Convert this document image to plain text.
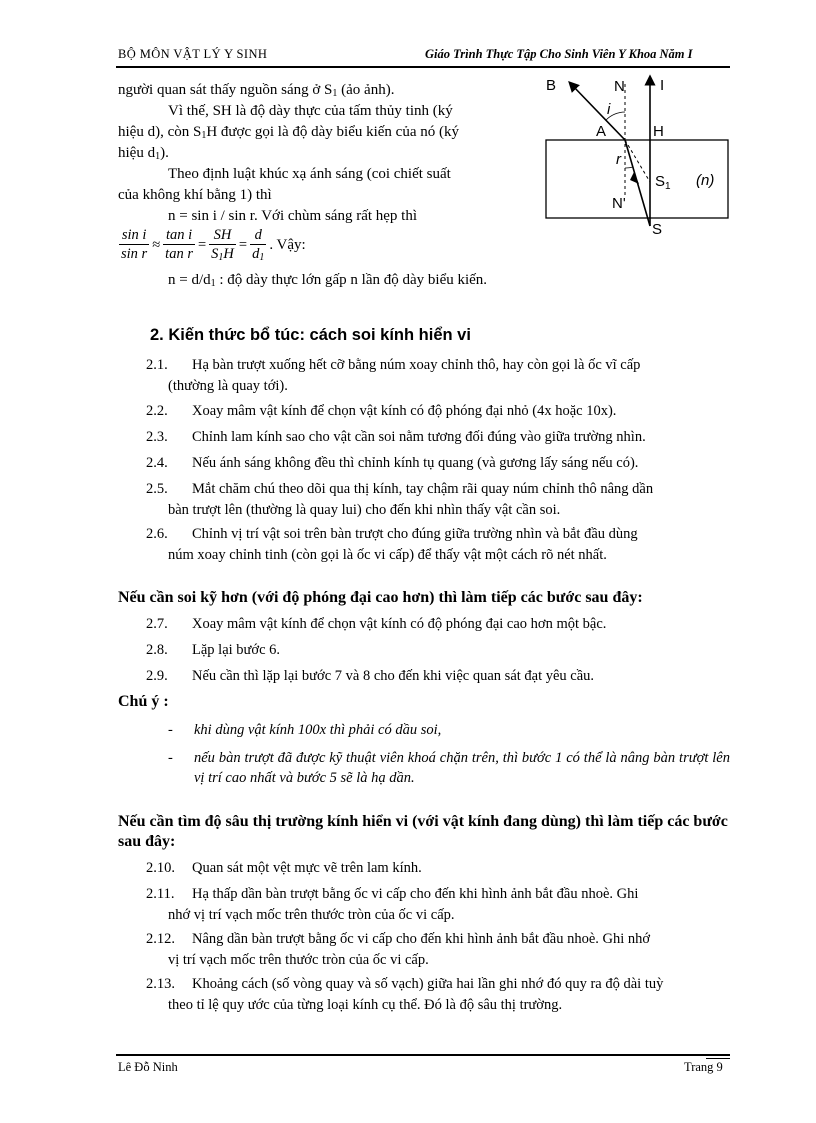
BỘ MÔN VẬT LÝ Y SINH	Giáo Trình Thực Tập Cho Sinh Viên Y Khoa Năm I
người quan sát thấy nguồn sáng ở $S_1$ (ảo ảnh).
Vì thế, SH là độ dày thực của tấm thủy tinh (ký
hiệu d), còn $S_1H$ được gọi là độ dày biểu kiến của nó (ký
hiệu $d_1$).
Theo định luật khúc xạ ánh sáng (coi chiết suất
của không khí bằng 1) thì
n = sin i / sin r. Với chùm sáng rất hẹp thì
$\frac{\text{sin i}}{\text{sin r}} \approx \frac{\text{tan i}}{\text{tan r}} = \frac{SH}{S_1H} = \frac{d}{d_1}$ . Vậy:
$n = d/d_1$ : độ dày thực lớn gấp n lần độ dày biểu kiến.
B	N I
i
A	H
r
$S_1$ (n)
N'
S
2. Kiến thức bổ túc: cách soi kính hiển vi
2.1.	Hạ bàn trượt xuống hết cỡ bằng núm xoay chỉnh thô, hay còn gọi là ốc vĩ cấp
(thường là quay tới).
2.2.	Xoay mâm vật kính để chọn vật kính có độ phóng đại nhỏ (4x hoặc 10x).
2.3.	Chỉnh lam kính sao cho vật cần soi nằm tương đối đúng vào giữa trường nhìn.
2.4.	Nếu ánh sáng không đều thì chỉnh kính tụ quang (và gương lấy sáng nếu có).
2.5.	Mắt chăm chú theo dõi qua thị kính, tay chậm rãi quay núm chỉnh thô nâng dần
bàn trượt lên (thường là quay lui) cho đến khi nhìn thấy vật cần soi.
2.6.	Chỉnh vị trí vật soi trên bàn trượt cho đúng giữa trường nhìn và bắt đầu dùng
núm xoay chỉnh tinh (còn gọi là ốc vi cấp) để thấy vật một cách rõ nét nhất.
Nếu cần soi kỹ hơn (với độ phóng đại cao hơn) thì làm tiếp các bước sau đây:
2.7.	Xoay mâm vật kính để chọn vật kính có độ phóng đại cao hơn một bậc.
2.8.	Lặp lại bước 6.
2.9.	Nếu cần thì lặp lại bước 7 và 8 cho đến khi việc quan sát đạt yêu cầu.
Chú ý :
-	khi dùng vật kính 100x thì phải có dầu soi,
-	nếu bàn trượt đã được kỹ thuật viên khoá chặn trên, thì bước 1 có thể là nâng bàn trượt lên vị trí cao nhất và bước 5 sẽ là hạ dần.
Nếu cần tìm độ sâu thị trường kính hiển vi (với vật kính đang dùng) thì làm tiếp các bước sau đây:
2.10.	Quan sát một vệt mực vẽ trên lam kính.
2.11.	Hạ thấp dần bàn trượt bằng ốc vi cấp cho đến khi hình ảnh bắt đầu nhoè. Ghi
nhớ vị trí vạch mốc trên thước tròn của ốc vi cấp.
2.12.	Nâng dần bàn trượt bằng ốc vi cấp cho đến khi hình ảnh bắt đầu nhoè. Ghi nhớ
vị trí vạch mốc trên thước tròn của ốc vi cấp.
2.13.	Khoảng cách (số vòng quay và số vạch) giữa hai lần ghi nhớ đó quy ra độ dài tuỳ
theo tỉ lệ quy ước của từng loại kính cụ thể. Đó là độ sâu thị trường.
Lê Đỗ Ninh	Trang 9
